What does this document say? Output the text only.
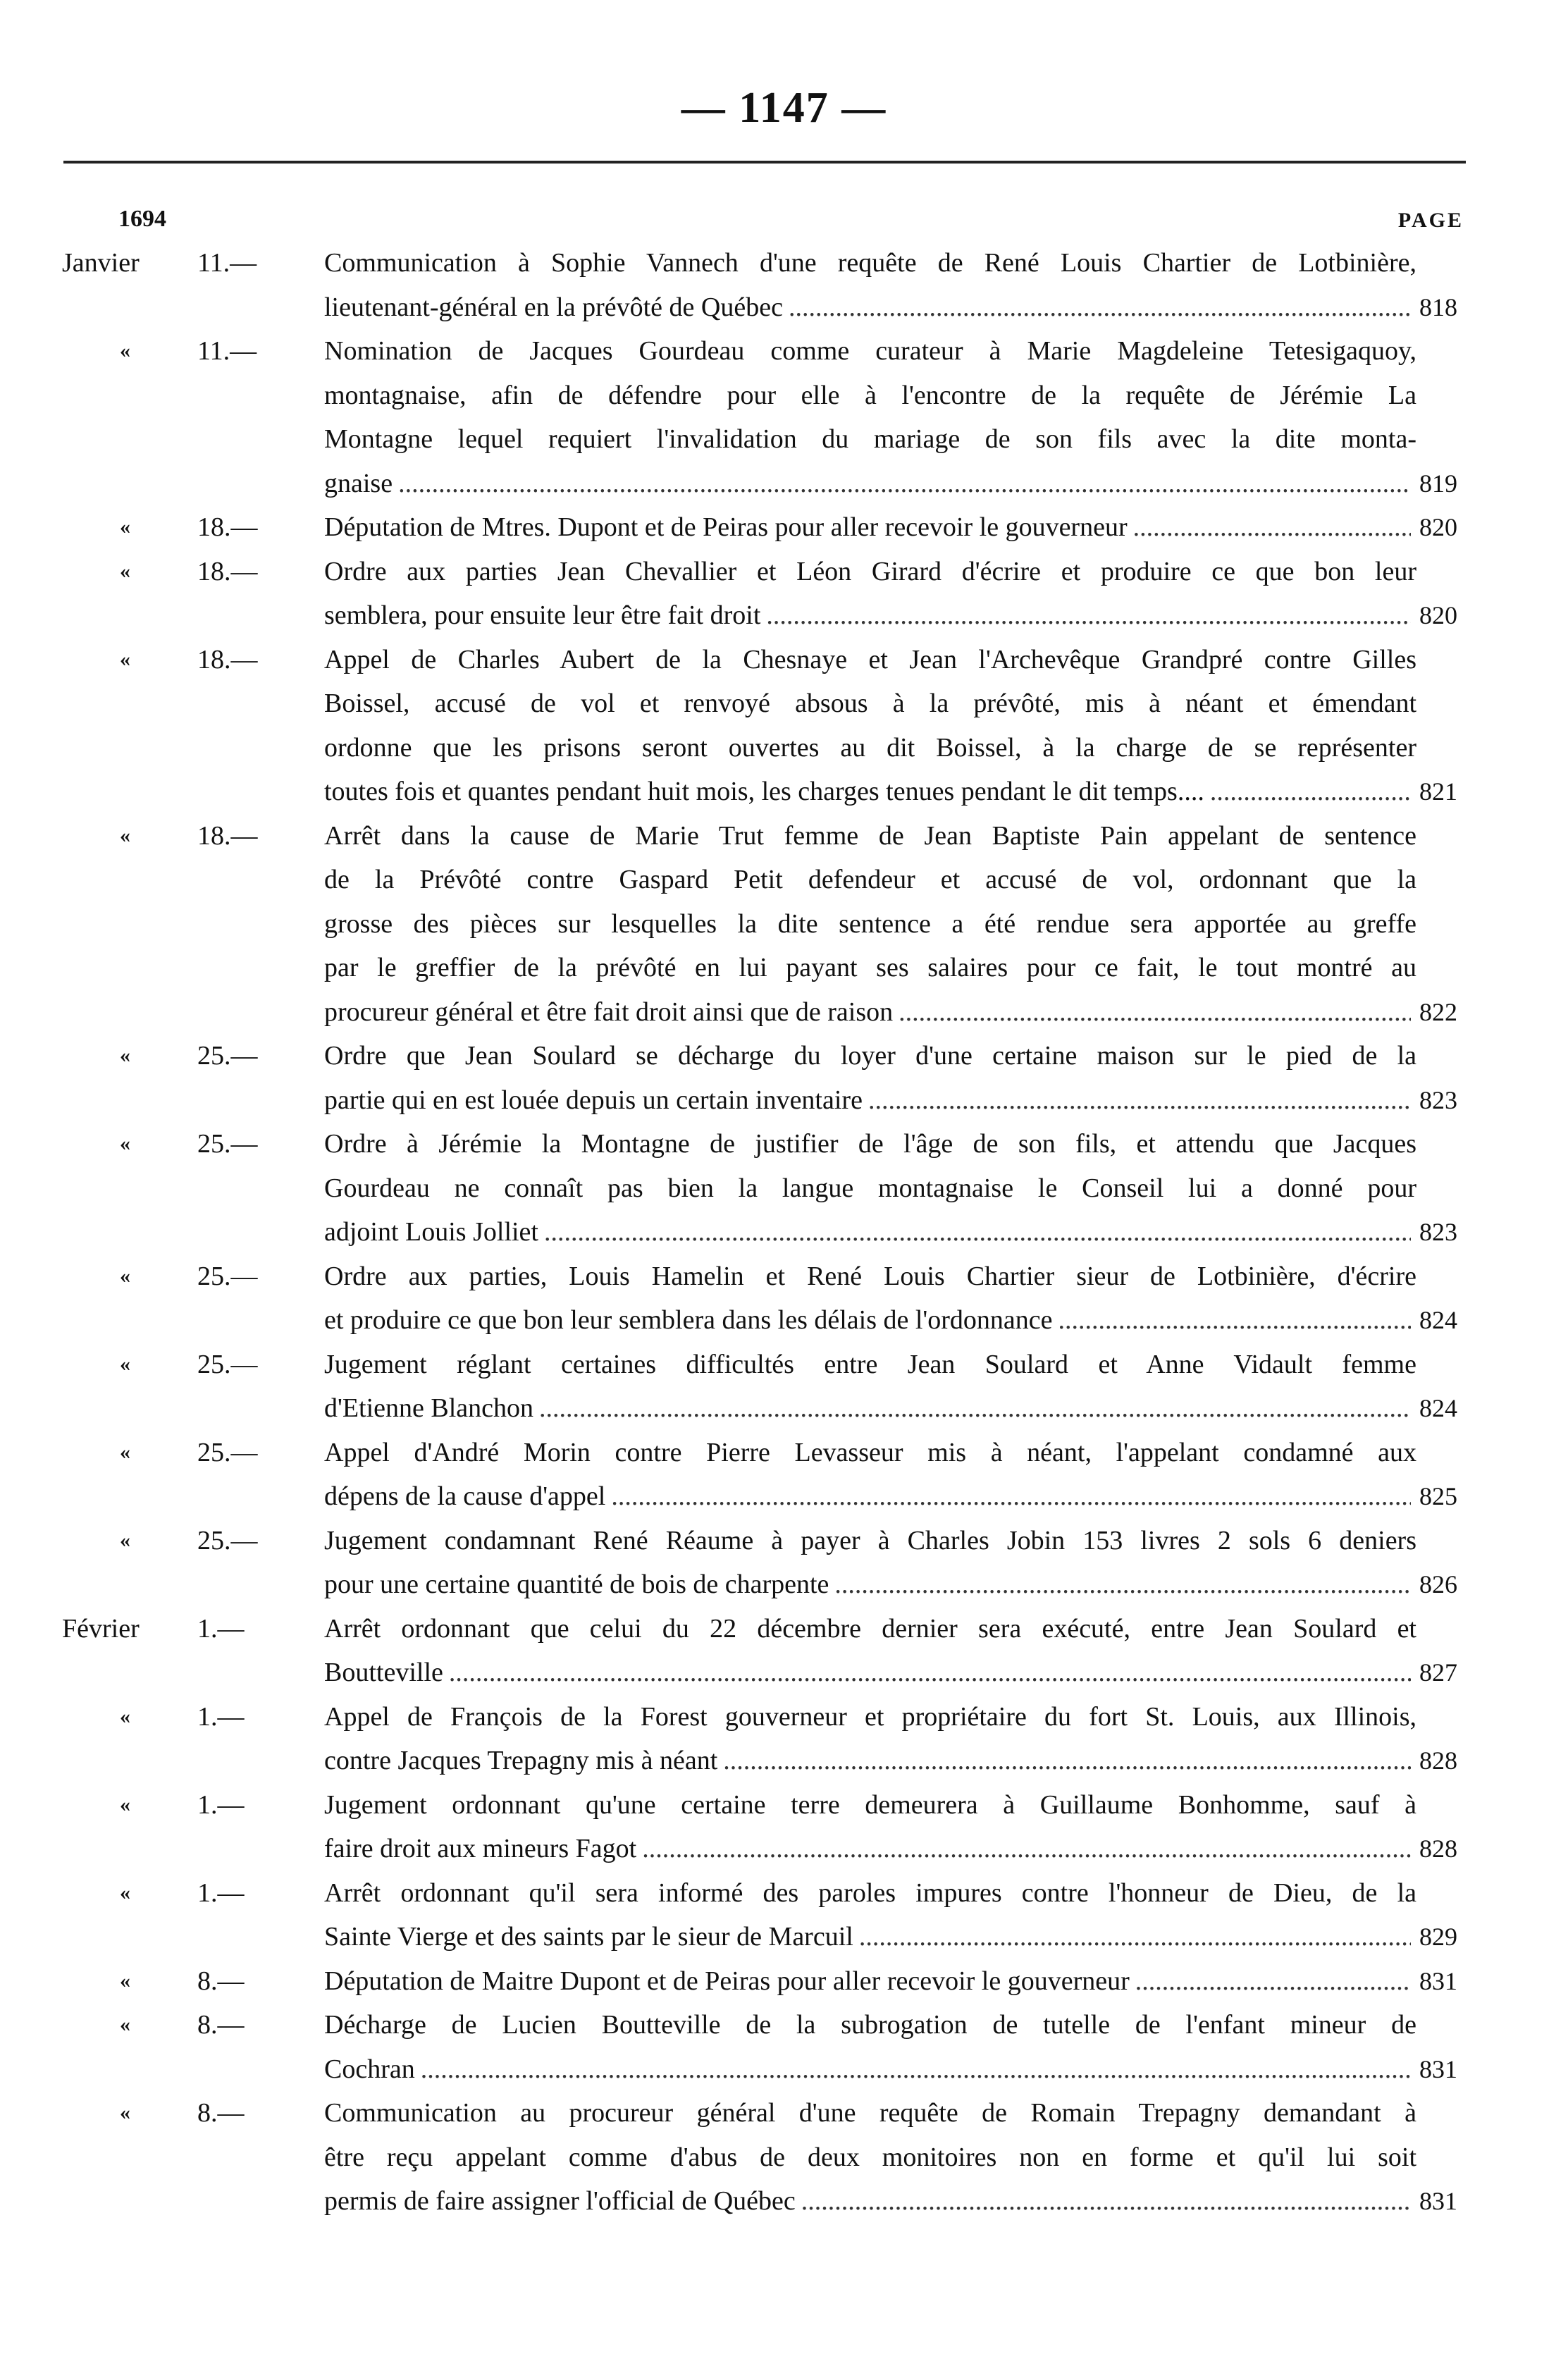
— 1147 —
1694	PAGE
Janvier	11.—	Communication à Sophie Vannech d'une requête de René Louis Chartier de Lotbinière,
lieutenant-général en la prévôté de Québec .....	818
«	11.—	Nomination de Jacques Gourdeau comme curateur à Marie Magdeleine Tetesigaquoy,
montagnaise, afin de défendre pour elle à l'encontre de la requête de Jérémie La
Montagne lequel requiert l'invalidation du mariage de son fils avec la dite monta-
gnaise .....	819
«	18.—	Députation de Mtres. Dupont et de Peiras pour aller recevoir le gouverneur .....	820
«	18.—	Ordre aux parties Jean Chevallier et Léon Girard d'écrire et produire ce que bon leur
semblera, pour ensuite leur être fait droit .....	820
«	18.—	Appel de Charles Aubert de la Chesnaye et Jean l'Archevêque Grandpré contre Gilles
Boissel, accusé de vol et renvoyé absous à la prévôté, mis à néant et émendant
ordonne que les prisons seront ouvertes au dit Boissel, à la charge de se représenter
toutes fois et quantes pendant huit mois, les charges tenues pendant le dit temps.... .....	821
«	18.—	Arrêt dans la cause de Marie Trut femme de Jean Baptiste Pain appelant de sentence
de la Prévôté contre Gaspard Petit defendeur et accusé de vol, ordonnant que la
grosse des pièces sur lesquelles la dite sentence a été rendue sera apportée au greffe
par le greffier de la prévôté en lui payant ses salaires pour ce fait, le tout montré au
procureur général et être fait droit ainsi que de raison .....	822
«	25.—	Ordre que Jean Soulard se décharge du loyer d'une certaine maison sur le pied de la
partie qui en est louée depuis un certain inventaire .....	823
«	25.—	Ordre à Jérémie la Montagne de justifier de l'âge de son fils, et attendu que Jacques
Gourdeau ne connaît pas bien la langue montagnaise le Conseil lui a donné pour
adjoint Louis Jolliet .....	823
«	25.—	Ordre aux parties, Louis Hamelin et René Louis Chartier sieur de Lotbinière, d'écrire
et produire ce que bon leur semblera dans les délais de l'ordonnance .....	824
«	25.—	Jugement réglant certaines difficultés entre Jean Soulard et Anne Vidault femme
d'Etienne Blanchon .....	824
«	25.—	Appel d'André Morin contre Pierre Levasseur mis à néant, l'appelant condamné aux
dépens de la cause d'appel .....	825
«	25.—	Jugement condamnant René Réaume à payer à Charles Jobin 153 livres 2 sols 6 deniers
pour une certaine quantité de bois de charpente .....	826
Février	1.—	Arrêt ordonnant que celui du 22 décembre dernier sera exécuté, entre Jean Soulard et
Boutteville .....	827
«	1.—	Appel de François de la Forest gouverneur et propriétaire du fort St. Louis, aux Illinois,
contre Jacques Trepagny mis à néant .....	828
«	1.—	Jugement ordonnant qu'une certaine terre demeurera à Guillaume Bonhomme, sauf à
faire droit aux mineurs Fagot .....	828
«	1.—	Arrêt ordonnant qu'il sera informé des paroles impures contre l'honneur de Dieu, de la
Sainte Vierge et des saints par le sieur de Marcuil .....	829
«	8.—	Députation de Maitre Dupont et de Peiras pour aller recevoir le gouverneur .....	831
«	8.—	Décharge de Lucien Boutteville de la subrogation de tutelle de l'enfant mineur de
Cochran .....	831
«	8.—	Communication au procureur général d'une requête de Romain Trepagny demandant à
être reçu appelant comme d'abus de deux monitoires non en forme et qu'il lui soit
permis de faire assigner l'official de Québec .....	831
